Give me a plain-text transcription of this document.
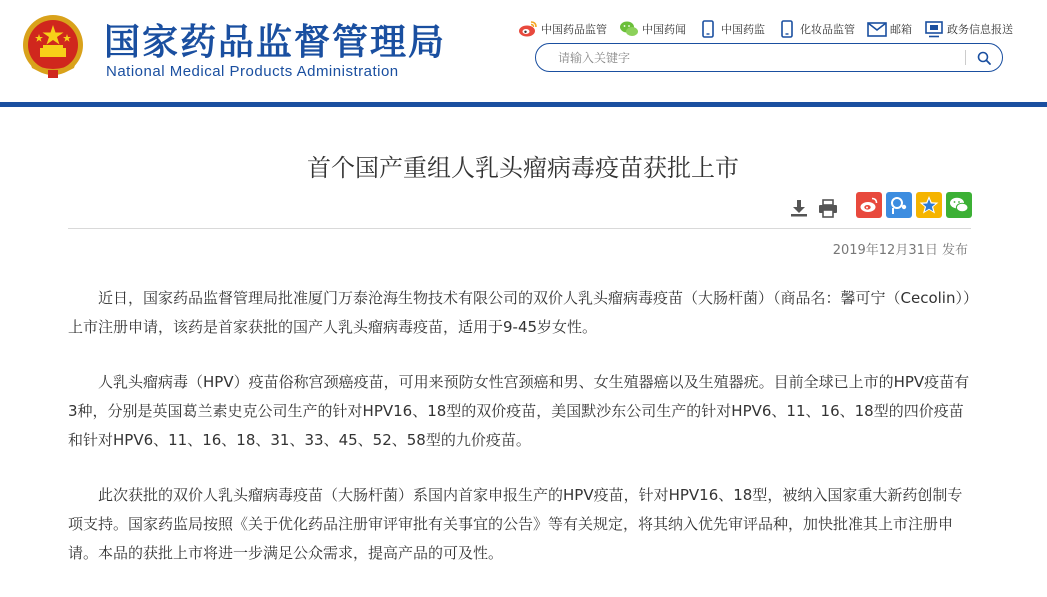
国家药品监督管理局
National Medical Products Administration
中国药品监管	中国药闻	中国药监	化妆品监管	邮箱	政务信息报送
请输入关键字
首个国产重组人乳头瘤病毒疫苗获批上市
2019年12月31日 发布

近日，国家药品监督管理局批准厦门万泰沧海生物技术有限公司的双价人乳头瘤病毒疫苗（大肠杆菌）（商品名：馨可宁（Cecolin））上市注册申请，该药是首家获批的国产人乳头瘤病毒疫苗，适用于9-45岁女性。

人乳头瘤病毒（HPV）疫苗俗称宫颈癌疫苗，可用来预防女性宫颈癌和男、女生殖器癌以及生殖器疣。目前全球已上市的HPV疫苗有3种，分别是英国葛兰素史克公司生产的针对HPV16、18型的双价疫苗，美国默沙东公司生产的针对HPV6、11、16、18型的四价疫苗和针对HPV6、11、16、18、31、33、45、52、58型的九价疫苗。

此次获批的双价人乳头瘤病毒疫苗（大肠杆菌）系国内首家申报生产的HPV疫苗，针对HPV16、18型，被纳入国家重大新药创制专项支持。国家药监局按照《关于优化药品注册审评审批有关事宜的公告》等有关规定，将其纳入优先审评品种，加快批准其上市注册申请。本品的获批上市将进一步满足公众需求，提高产品的可及性。
